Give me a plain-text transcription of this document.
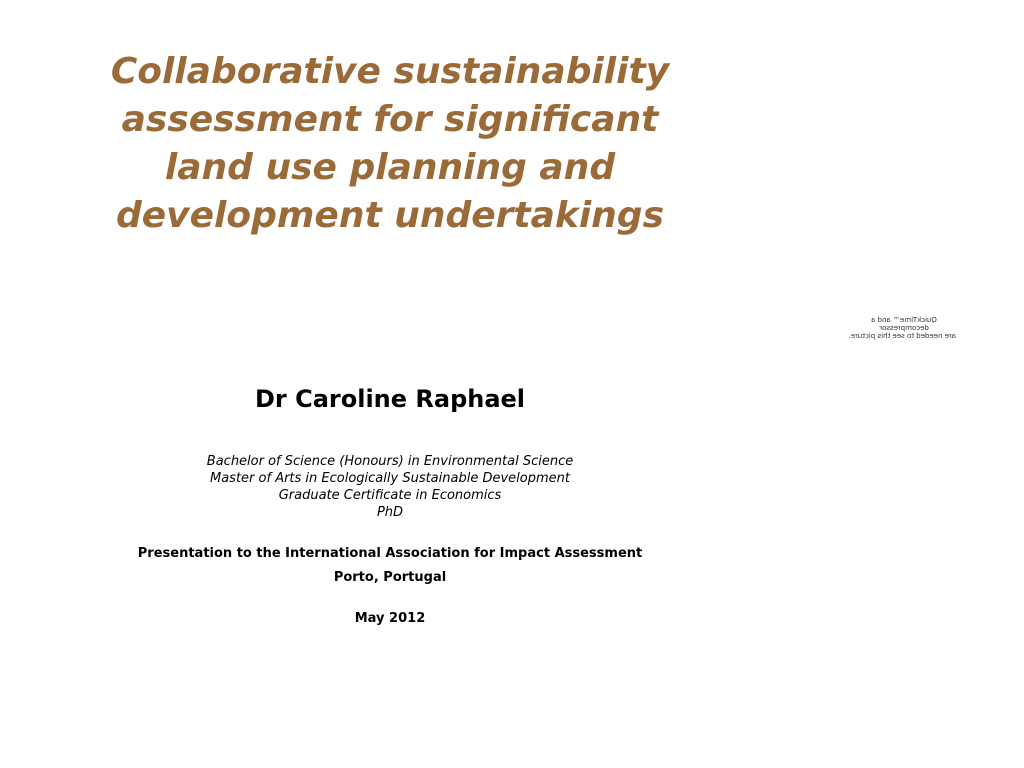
Collaborative sustainability
assessment for significant
land use planning and
development undertakings
QuickTime™ and a
decompressor
are needed to see this picture.
Dr Caroline Raphael
Bachelor of Science (Honours) in Environmental Science
Master of Arts in Ecologically Sustainable Development
Graduate Certificate in Economics
PhD
Presentation to the International Association for Impact Assessment
Porto, Portugal
May 2012
